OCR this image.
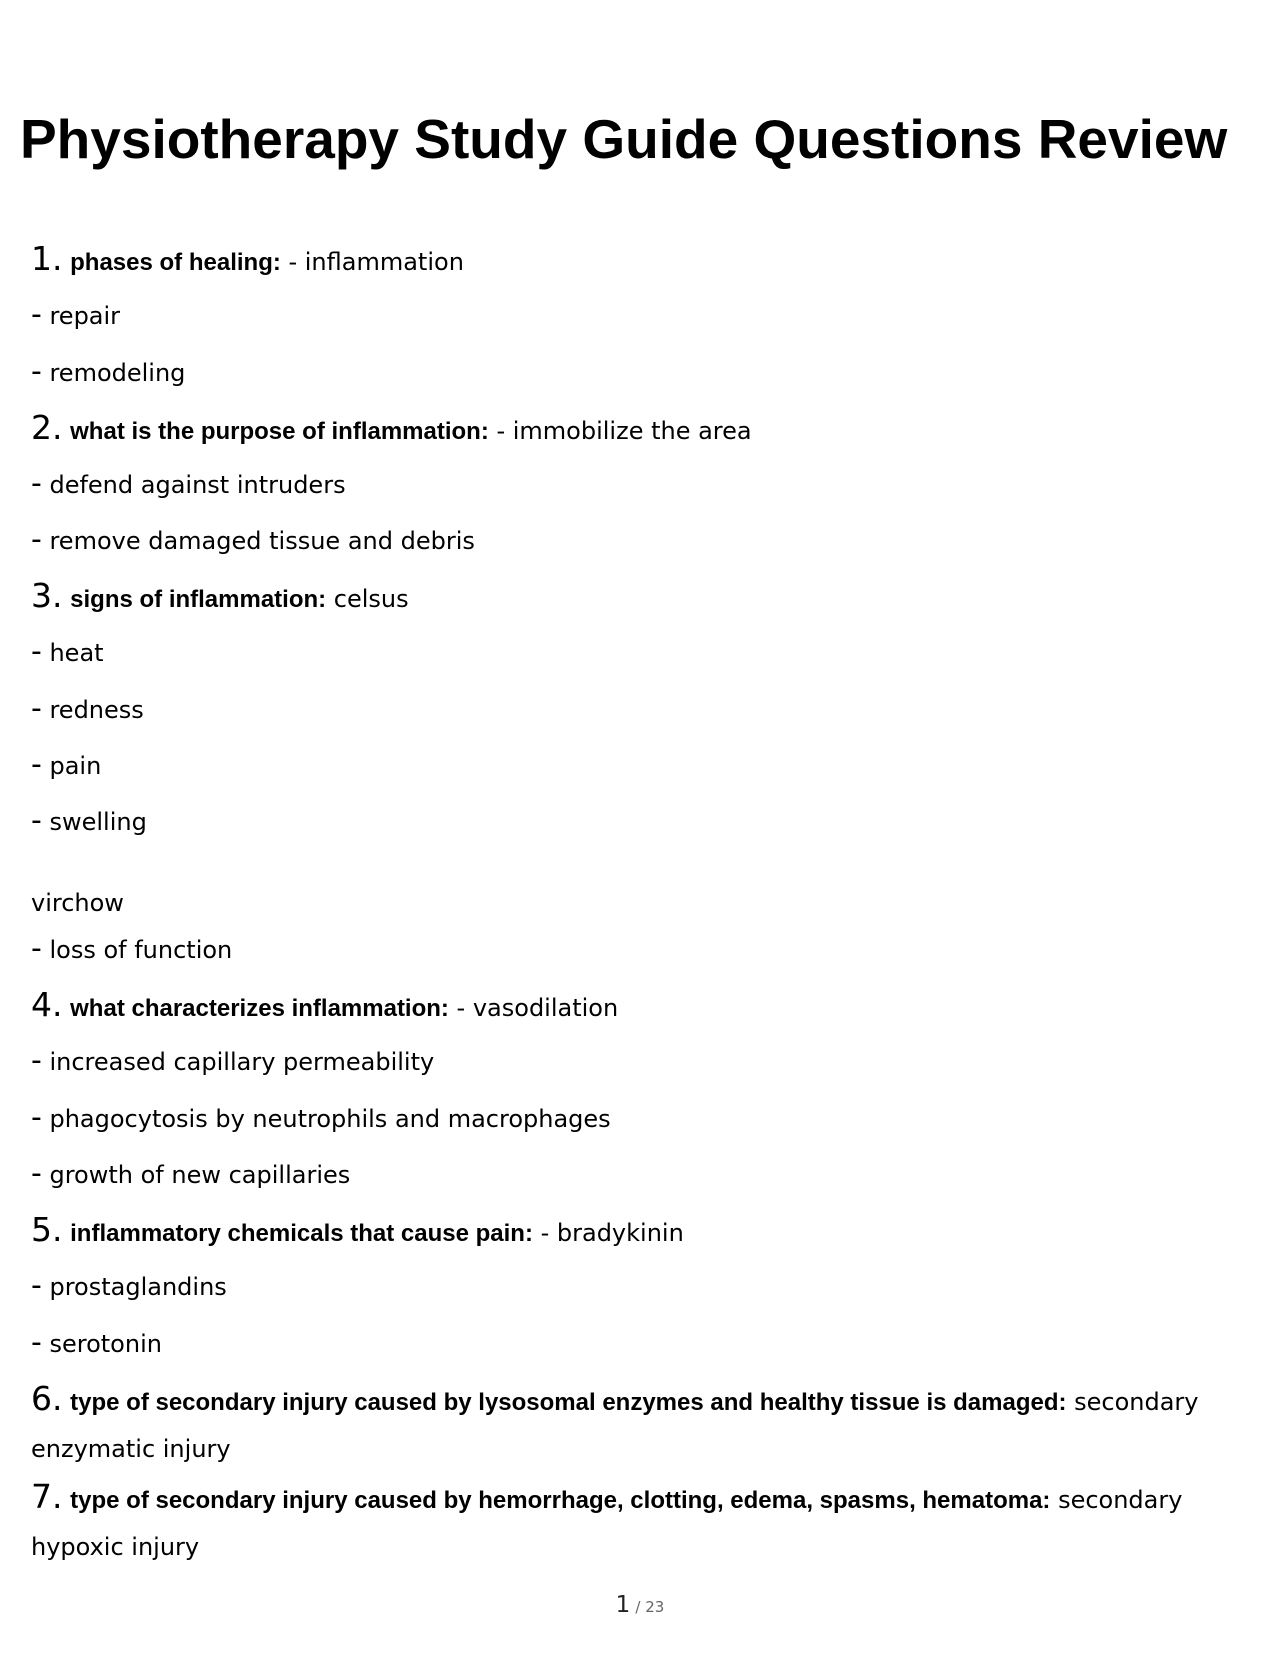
Physiotherapy Study Guide Questions Review
1. phases of healing: - inflammation
- repair
- remodeling
2. what is the purpose of inflammation: - immobilize the area
- defend against intruders
- remove damaged tissue and debris
3. signs of inflammation: celsus
- heat
- redness
- pain
- swelling
virchow
- loss of function
4. what characterizes inflammation: - vasodilation
- increased capillary permeability
- phagocytosis by neutrophils and macrophages
- growth of new capillaries
5. inflammatory chemicals that cause pain: - bradykinin
- prostaglandins
- serotonin
6. type of secondary injury caused by lysosomal enzymes and healthy tissue is damaged: secondary enzymatic injury
7. type of secondary injury caused by hemorrhage, clotting, edema, spasms, hematoma: secondary hypoxic injury
1 / 23
